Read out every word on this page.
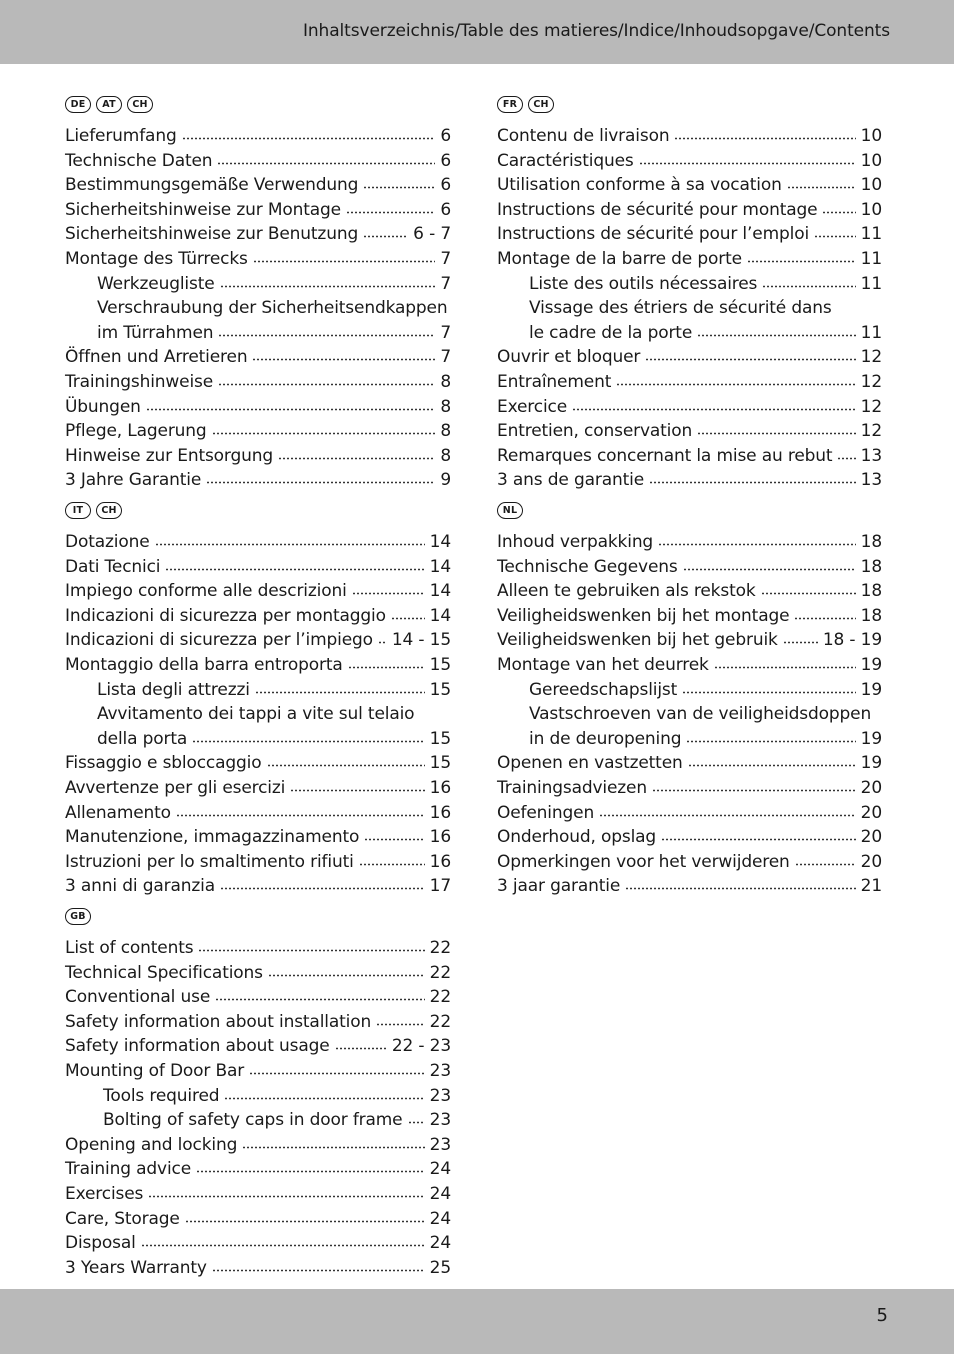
Inhaltsverzeichnis/Table des matieres/Indice/Inhoudsopgave/Contents
DE	AT	CH
Lieferumfang	6
Technische Daten	6
Bestimmungsgemäße Verwendung	6
Sicherheitshinweise zur Montage	6
Sicherheitshinweise zur Benutzung	6 - 7
Montage des Türrecks	7
Werkzeugliste	7
Verschraubung der Sicherheitsendkappen
im Türrahmen	7
Öffnen und Arretieren	7
Trainingshinweise	8
Übungen	8
Pflege, Lagerung	8
Hinweise zur Entsorgung	8
3 Jahre Garantie	9
IT	CH
Dotazione	14
Dati Tecnici	14
Impiego conforme alle descrizioni	14
Indicazioni di sicurezza per montaggio	14
Indicazioni di sicurezza per l’impiego 14 - 15
Montaggio della barra entroporta	15
Lista degli attrezzi	15
Avvitamento dei tappi a vite sul telaio
della porta	15
Fissaggio e sbloccaggio	15
Avvertenze per gli esercizi	16
Allenamento	16
Manutenzione, immagazzinamento	16
Istruzioni per lo smaltimento rifiuti	16
3 anni di garanzia	17
GB
List of contents	22
Technical Specifications	22
Conventional use	22
Safety information about installation	22
Safety information about usage	22 - 23
Mounting of Door Bar	23
Tools required	23
Bolting of safety caps in door frame 23
Opening and locking	23
Training advice	24
Exercises	24
Care, Storage	24
Disposal	24
3 Years Warranty	25
FR	CH
Contenu de livraison	10
Caractéristiques	10
Utilisation conforme à sa vocation	10
Instructions de sécurité pour montage	10
Instructions de sécurité pour l’emploi	11
Montage de la barre de porte	11
Liste des outils nécessaires	11
Vissage des étriers de sécurité dans
le cadre de la porte	11
Ouvrir et bloquer	12
Entraînement	12
Exercice	12
Entretien, conservation	12
Remarques concernant la mise au rebut 13
3 ans de garantie	13
NL
Inhoud verpakking	18
Technische Gegevens	18
Alleen te gebruiken als rekstok	18
Veiligheidswenken bij het montage	18
Veiligheidswenken bij het gebruik	18 - 19
Montage van het deurrek	19
Gereedschapslijst	19
Vastschroeven van de veiligheidsdoppen
in de deuropening	19
Openen en vastzetten	19
Trainingsadviezen	20
Oefeningen	20
Onderhoud, opslag	20
Opmerkingen voor het verwijderen	20
3 jaar garantie	21
5
